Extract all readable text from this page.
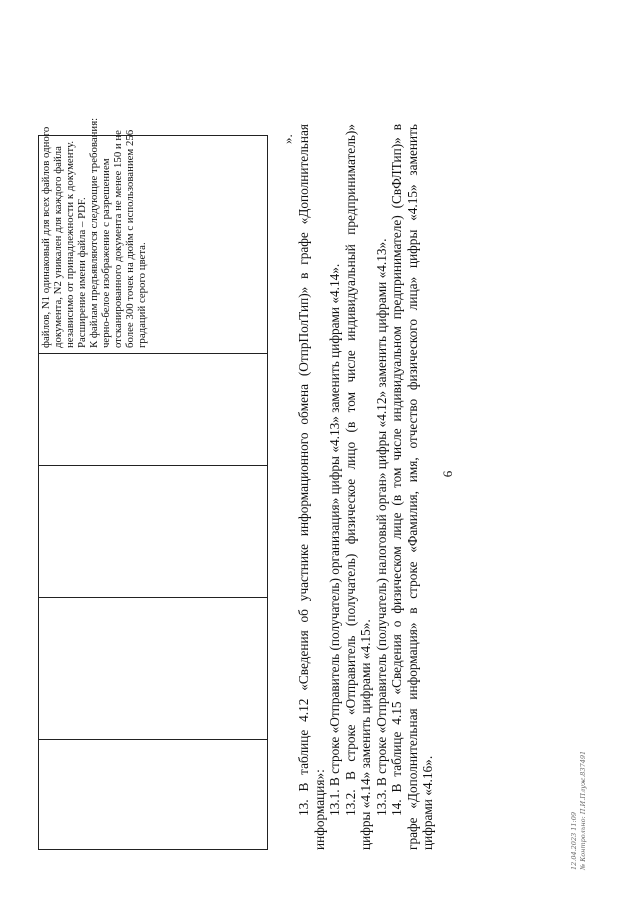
6

файлов, N1 одинаковый для всех файлов одного документа, N2 уникален для каждого файла независимо от принадлежности к документу. Расширение имени файла – PDF. К файлам предъявляются следующие требования: черно-белое изображение с разрешением отсканированного документа не менее 150 и не более 300 точек на дюйм с использованием 256 градаций серого цвета.
». 13. В таблице 4.12 «Сведения об участнике информационного обмена (ОтпрПолТип)» в графе «Дополнительная информация»: 13.1. В строке «Отправитель (получатель) организация» цифры «4.13» заменить цифрами «4.14». 13.2. В строке «Отправитель (получатель) физическое лицо (в том числе индивидуальный предприниматель)» цифры «4.14» заменить цифрами «4.15». 13.3. В строке «Отправитель (получатель) налоговый орган» цифры «4.12» заменить цифрами «4.13». 14. В таблице 4.15 «Сведения о физическом лице (в том числе индивидуальном предпринимателе) (СвФЛТип)» в графе «Дополнительная информация» в строке «Фамилия, имя, отчество физического лица» цифры «4.15» заменить цифрами «4.16».	12.04.2023 11:09 № Контрольно: П.И.Плуж.837491
